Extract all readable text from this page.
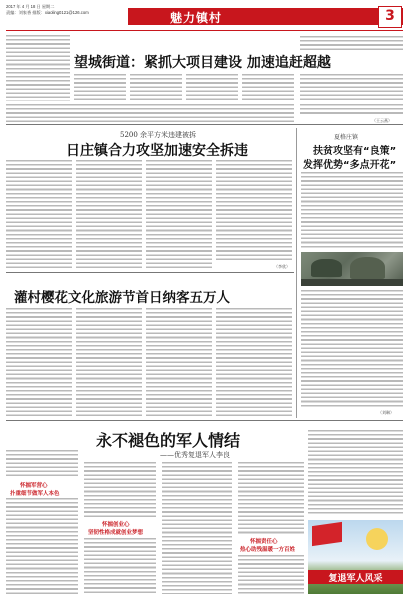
2017 年 4 月 18 日 星期二
责编：刘家香 排版：xiaoling0121@126.com	魅力镇村	3
望城街道：紧抓大项目建设 加速追赶超越
（王云燕）
5200 余平方米违建被拆
日庄镇合力攻坚加速安全拆违
（李欣）
夏格庄镇
扶贫攻坚有“良策”
发挥优势“多点开花”
（刘琳）
灌村樱花文化旅游节首日纳客五万人
永不褪色的军人情结
——优秀复退军人李良
怀揣军营心
扑重细节做军人本色
怀揣创业心
坚韧性格成就创业梦想
怀揣责任心
热心助残温暖一方百姓
复退军人风采
